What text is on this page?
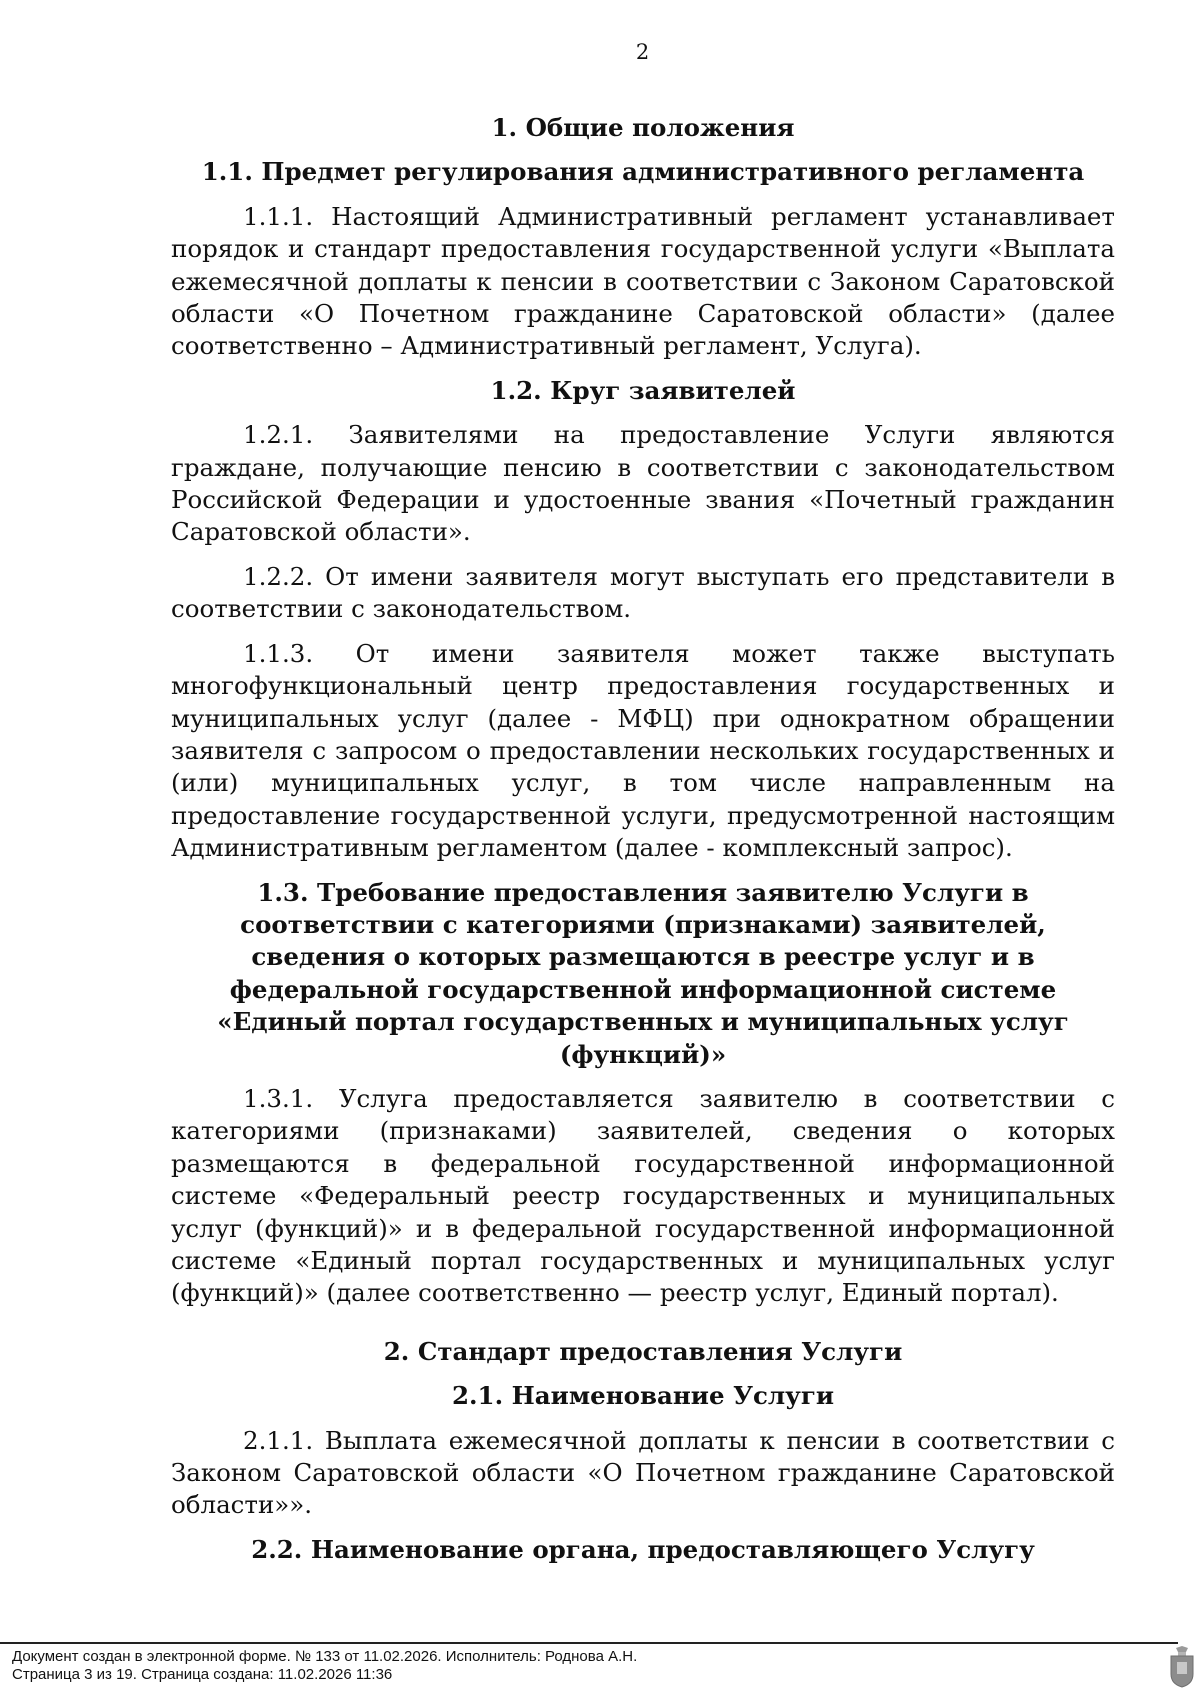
2
1. Общие положения
1.1. Предмет регулирования административного регламента

1.1.1. Настоящий Административный регламент устанавливает порядок и стандарт предоставления государственной услуги «Выплата ежемесячной доплаты к пенсии в соответствии с Законом Саратовской области «О Почетном гражданине Саратовской области» (далее соответственно – Административный регламент, Услуга).

1.2. Круг заявителей

1.2.1. Заявителями на предоставление Услуги являются граждане, получающие пенсию в соответствии с законодательством Российской Федерации и удостоенные звания «Почетный гражданин Саратовской области».

1.2.2. От имени заявителя могут выступать его представители в соответствии с законодательством.

1.1.3. От имени заявителя может также выступать многофункциональный центр предоставления государственных и муниципальных услуг (далее - МФЦ) при однократном обращении заявителя с запросом о предоставлении нескольких государственных и (или) муниципальных услуг, в том числе направленным на предоставление государственной услуги, предусмотренной настоящим Административным регламентом (далее - комплексный запрос).

1.3. Требование предоставления заявителю Услуги в соответствии с категориями (признаками) заявителей, сведения о которых размещаются в реестре услуг и в федеральной государственной информационной системе «Единый портал государственных и муниципальных услуг (функций)»

1.3.1. Услуга предоставляется заявителю в соответствии с категориями (признаками) заявителей, сведения о которых размещаются в федеральной государственной информационной системе «Федеральный реестр государственных и муниципальных услуг (функций)» и в федеральной государственной информационной системе «Единый портал государственных и муниципальных услуг (функций)» (далее соответственно — реестр услуг, Единый портал).

2. Стандарт предоставления Услуги
2.1. Наименование Услуги

2.1.1. Выплата ежемесячной доплаты к пенсии в соответствии с Законом Саратовской области «О Почетном гражданине Саратовской области»».

2.2. Наименование органа, предоставляющего Услугу
Документ создан в электронной форме. № 133 от 11.02.2026. Исполнитель: Роднова А.Н.
Страница 3 из 19. Страница создана: 11.02.2026 11:36
